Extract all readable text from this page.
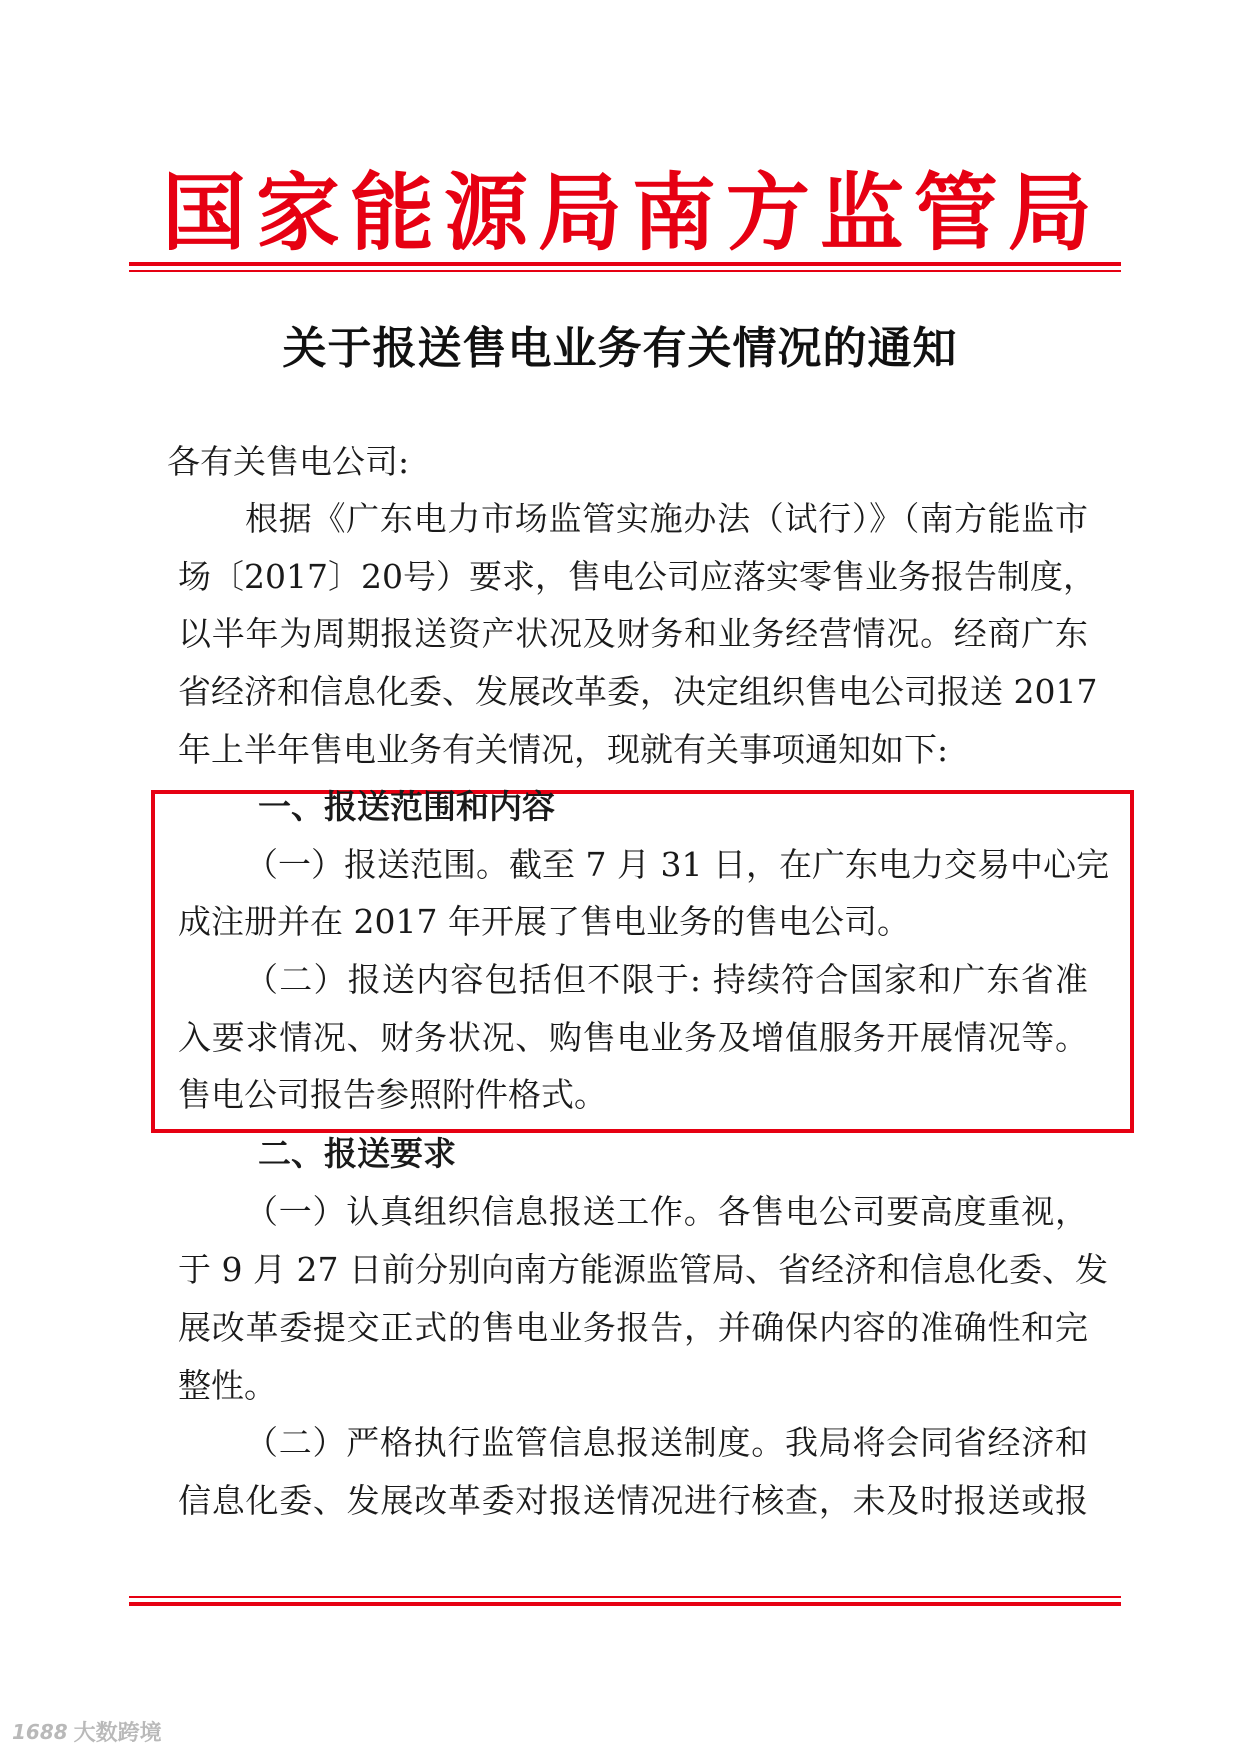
国 家 能 源 局 南 方 监 管 局
关于报送售电业务有关情况的通知
各有关售电公司:
根据《广东电力市场监管实施办法（试行）》（南方能监市
场〔2017〕20号）要求，售电公司应落实零售业务报告制度，
以半年为周期报送资产状况及财务和业务经营情况。经商广东
省经济和信息化委、发展改革委，决定组织售电公司报送 2017
年上半年售电业务有关情况，现就有关事项通知如下:
一、报送范围和内容
（一）报送范围。截至 7 月 31 日，在广东电力交易中心完
成注册并在 2017 年开展了售电业务的售电公司。
（二）报送内容包括但不限于: 持续符合国家和广东省准
入要求情况、财务状况、购售电业务及增值服务开展情况等。
售电公司报告参照附件格式。
二、报送要求
（一）认真组织信息报送工作。各售电公司要高度重视，
于 9 月 27 日前分别向南方能源监管局、省经济和信息化委、发
展改革委提交正式的售电业务报告，并确保内容的准确性和完
整性。
（二）严格执行监管信息报送制度。我局将会同省经济和
信息化委、发展改革委对报送情况进行核查，未及时报送或报
1688 大数跨境
